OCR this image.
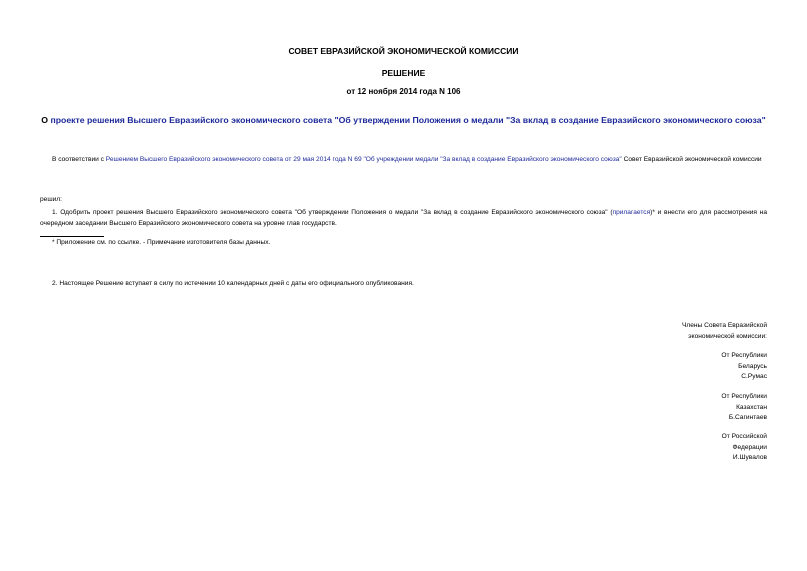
СОВЕТ ЕВРАЗИЙСКОЙ ЭКОНОМИЧЕСКОЙ КОМИССИИ
РЕШЕНИЕ
от 12 ноября 2014 года N 106
О проекте решения Высшего Евразийского экономического совета "Об утверждении Положения о медали "За вклад в создание Евразийского экономического союза"
В соответствии с Решением Высшего Евразийского экономического совета от 29 мая 2014 года N 69 "Об учреждении медали "За вклад в создание Евразийского экономического союза" Совет Евразийской экономической комиссии
решил:
1. Одобрить проект решения Высшего Евразийского экономического совета "Об утверждении Положения о медали "За вклад в создание Евразийского экономического союза" (прилагается)* и внести его для рассмотрения на очередном заседании Высшего Евразийского экономического совета на уровне глав государств.
* Приложение см. по ссылке. - Примечание изготовителя базы данных.
2. Настоящее Решение вступает в силу по истечении 10 календарных дней с даты его официального опубликования.
Члены Совета Евразийской
экономической комиссии:
От Республики
Беларусь
С.Румас
От Республики
Казахстан
Б.Сагинтаев
От Российской
Федерации
И.Шувалов
